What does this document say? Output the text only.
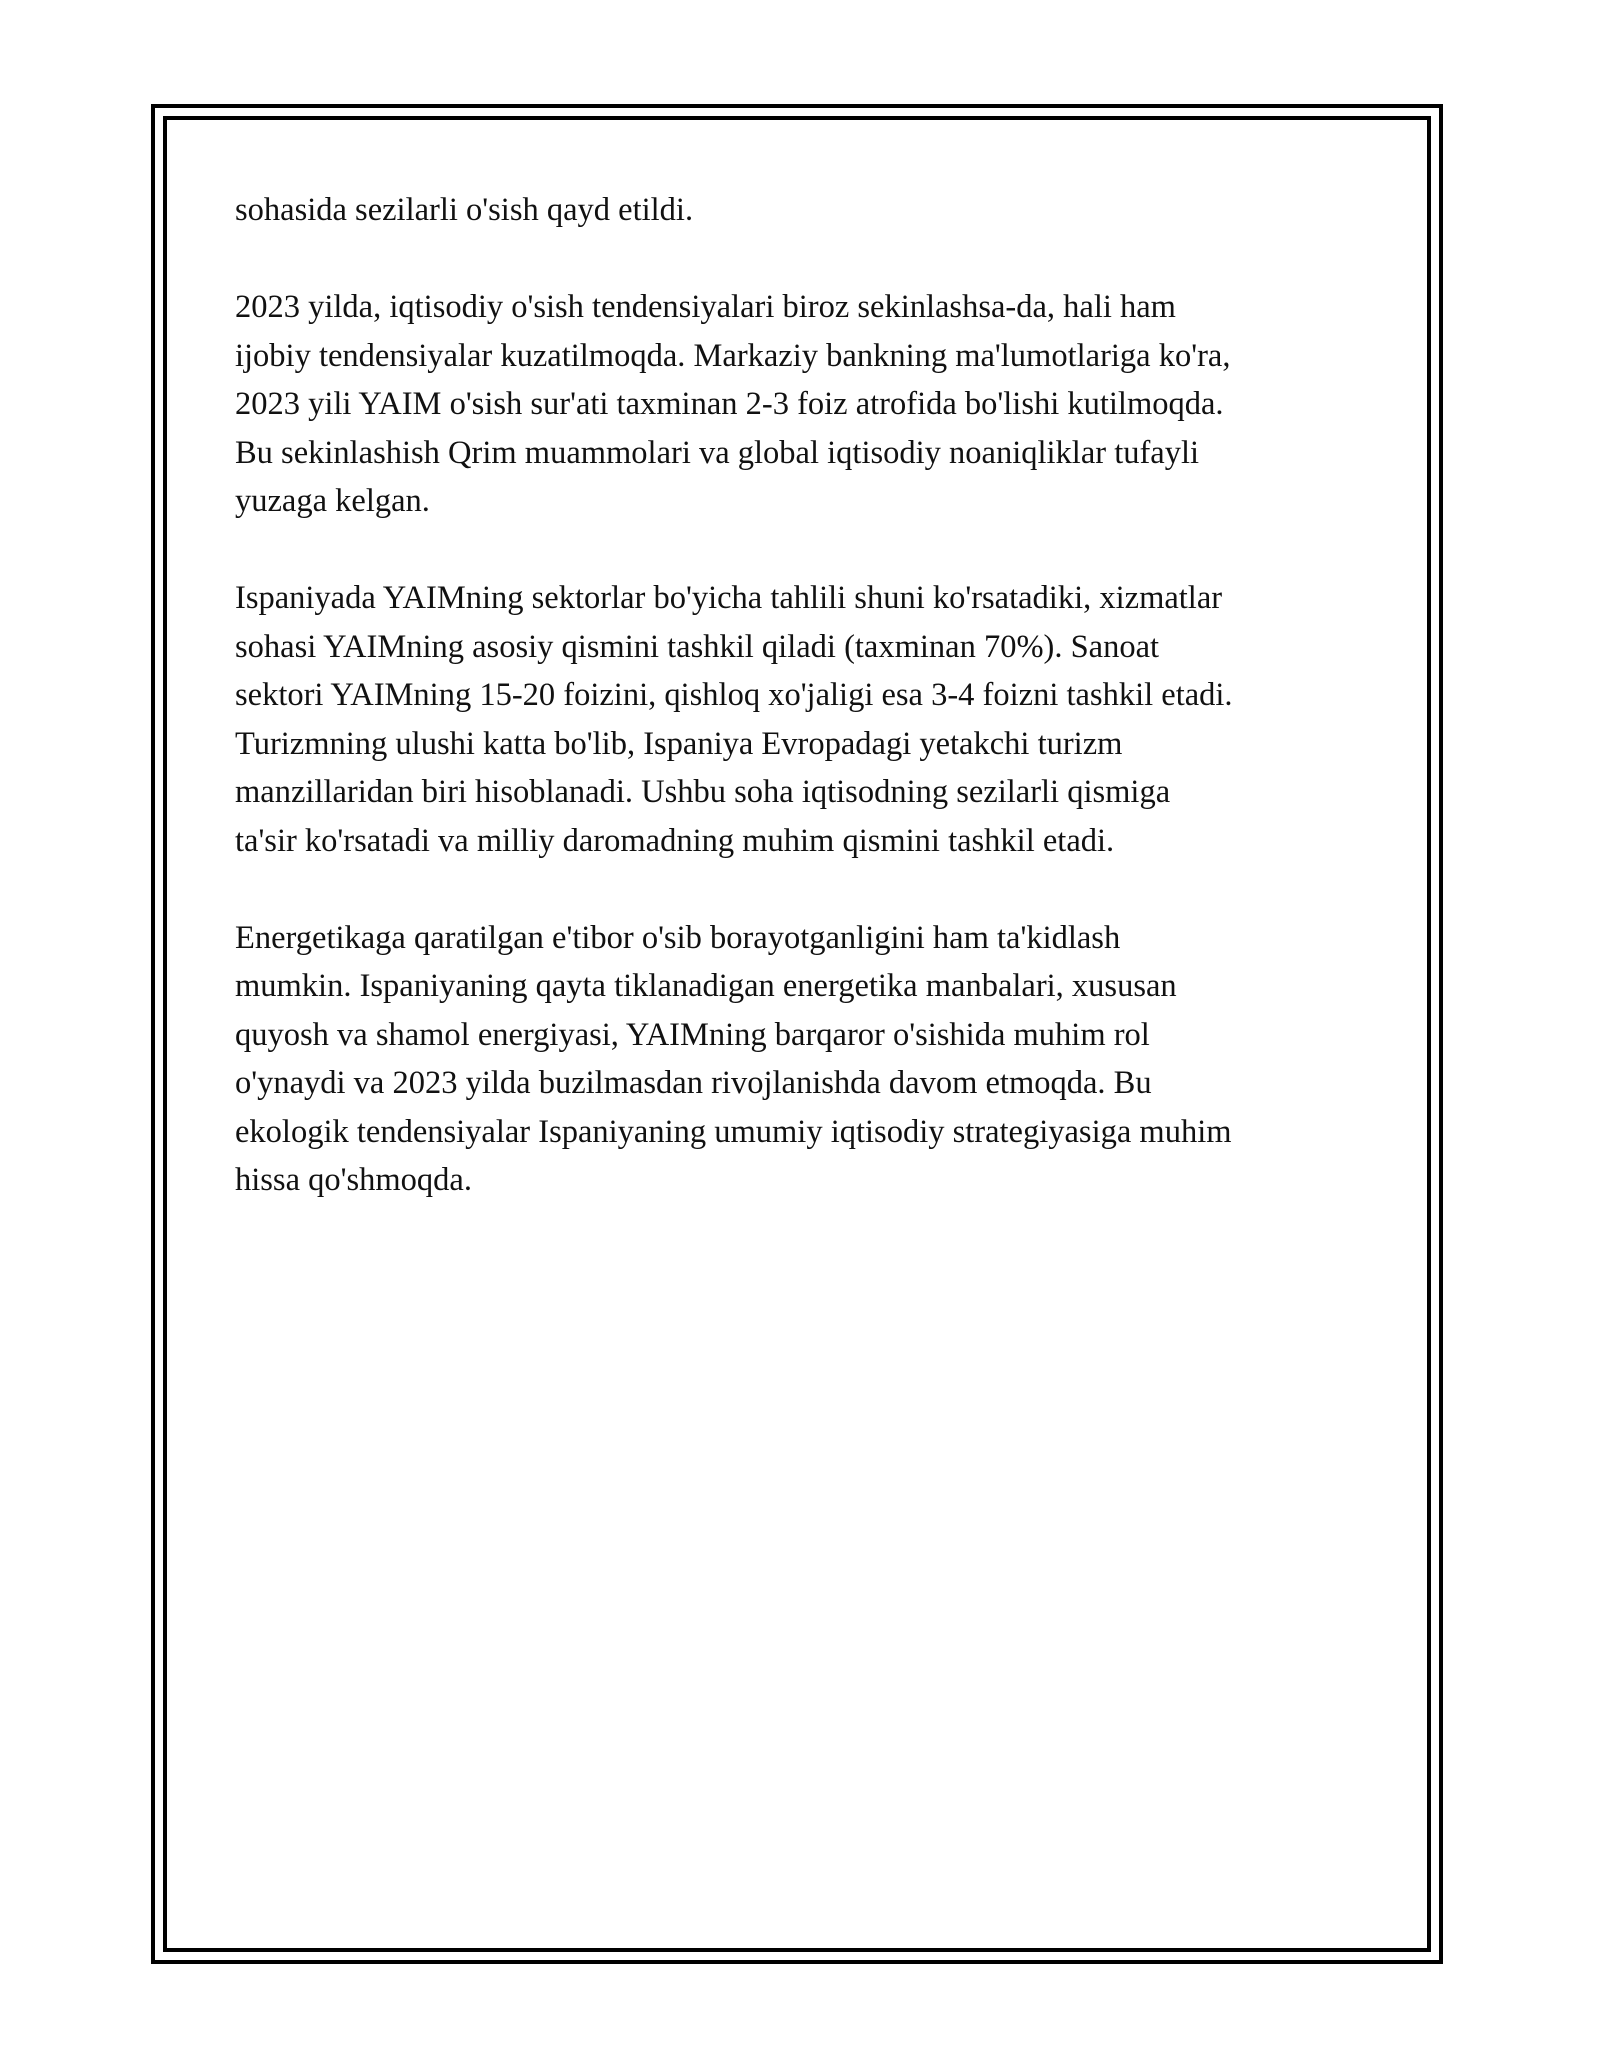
sohasida sezilarli o'sish qayd etildi.

2023 yilda, iqtisodiy o'sish tendensiyalari biroz sekinlashsa-da, hali ham
ijobiy tendensiyalar kuzatilmoqda. Markaziy bankning ma'lumotlariga ko'ra,
2023 yili YAIM o'sish sur'ati taxminan 2-3 foiz atrofida bo'lishi kutilmoqda.
Bu sekinlashish Qrim muammolari va global iqtisodiy noaniqliklar tufayli
yuzaga kelgan.

Ispaniyada YAIMning sektorlar bo'yicha tahlili shuni ko'rsatadiki, xizmatlar
sohasi YAIMning asosiy qismini tashkil qiladi (taxminan 70%). Sanoat
sektori YAIMning 15-20 foizini, qishloq xo'jaligi esa 3-4 foizni tashkil etadi.
Turizmning ulushi katta bo'lib, Ispaniya Evropadagi yetakchi turizm
manzillaridan biri hisoblanadi. Ushbu soha iqtisodning sezilarli qismiga
ta'sir ko'rsatadi va milliy daromadning muhim qismini tashkil etadi.

Energetikaga qaratilgan e'tibor o'sib borayotganligini ham ta'kidlash
mumkin. Ispaniyaning qayta tiklanadigan energetika manbalari, xususan
quyosh va shamol energiyasi, YAIMning barqaror o'sishida muhim rol
o'ynaydi va 2023 yilda buzilmasdan rivojlanishda davom etmoqda. Bu
ekologik tendensiyalar Ispaniyaning umumiy iqtisodiy strategiyasiga muhim
hissa qo'shmoqda.
